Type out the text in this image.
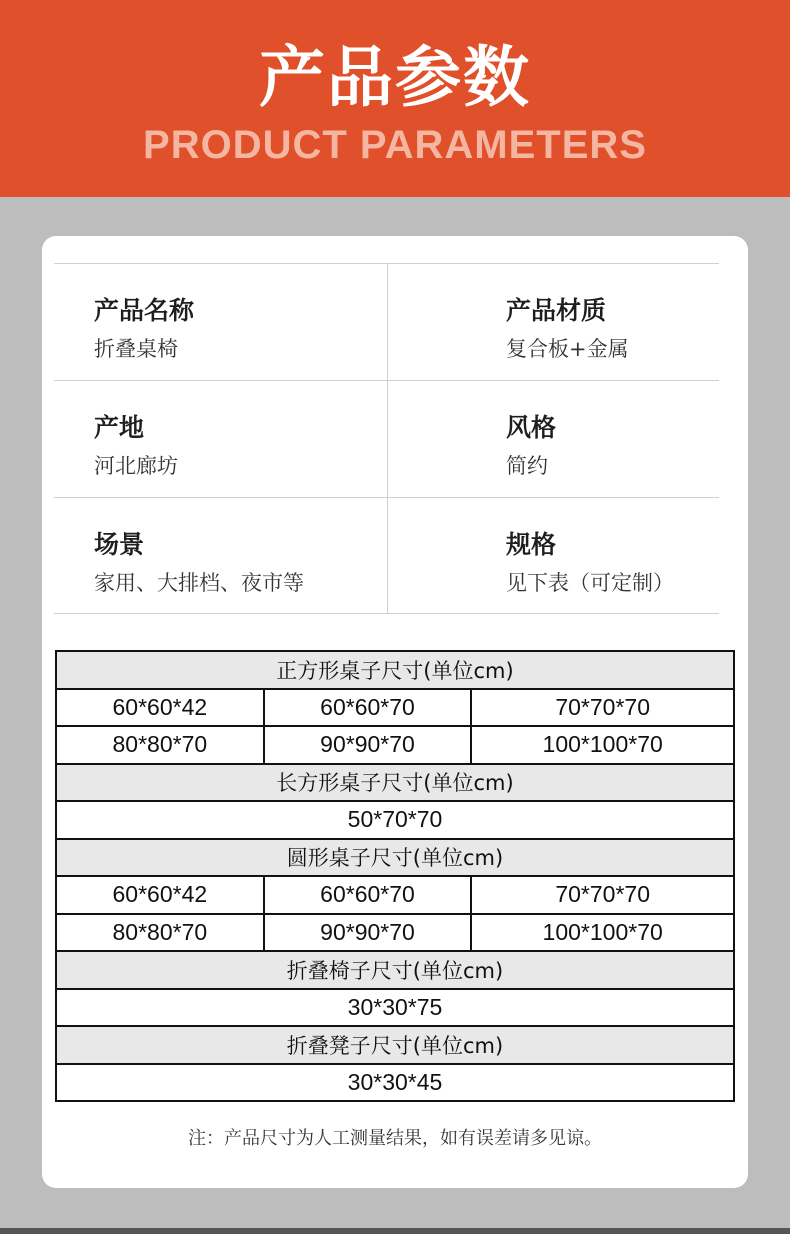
产品参数
PRODUCT PARAMETERS
产品名称
折叠桌椅
产品材质
复合板+金属
产地
河北廊坊
风格
简约
场景
家用、大排档、夜市等
规格
见下表（可定制）
正方形桌子尺寸(单位cm)		
60*60*42	60*60*70	70*70*70
80*80*70	90*90*70	100*100*70
长方形桌子尺寸(单位cm)		
50*70*70		
圆形桌子尺寸(单位cm)		
60*60*42	60*60*70	70*70*70
80*80*70	90*90*70	100*100*70
折叠椅子尺寸(单位cm)		
30*30*75		
折叠凳子尺寸(单位cm)		
30*30*45		
注：产品尺寸为人工测量结果，如有误差请多见谅。
